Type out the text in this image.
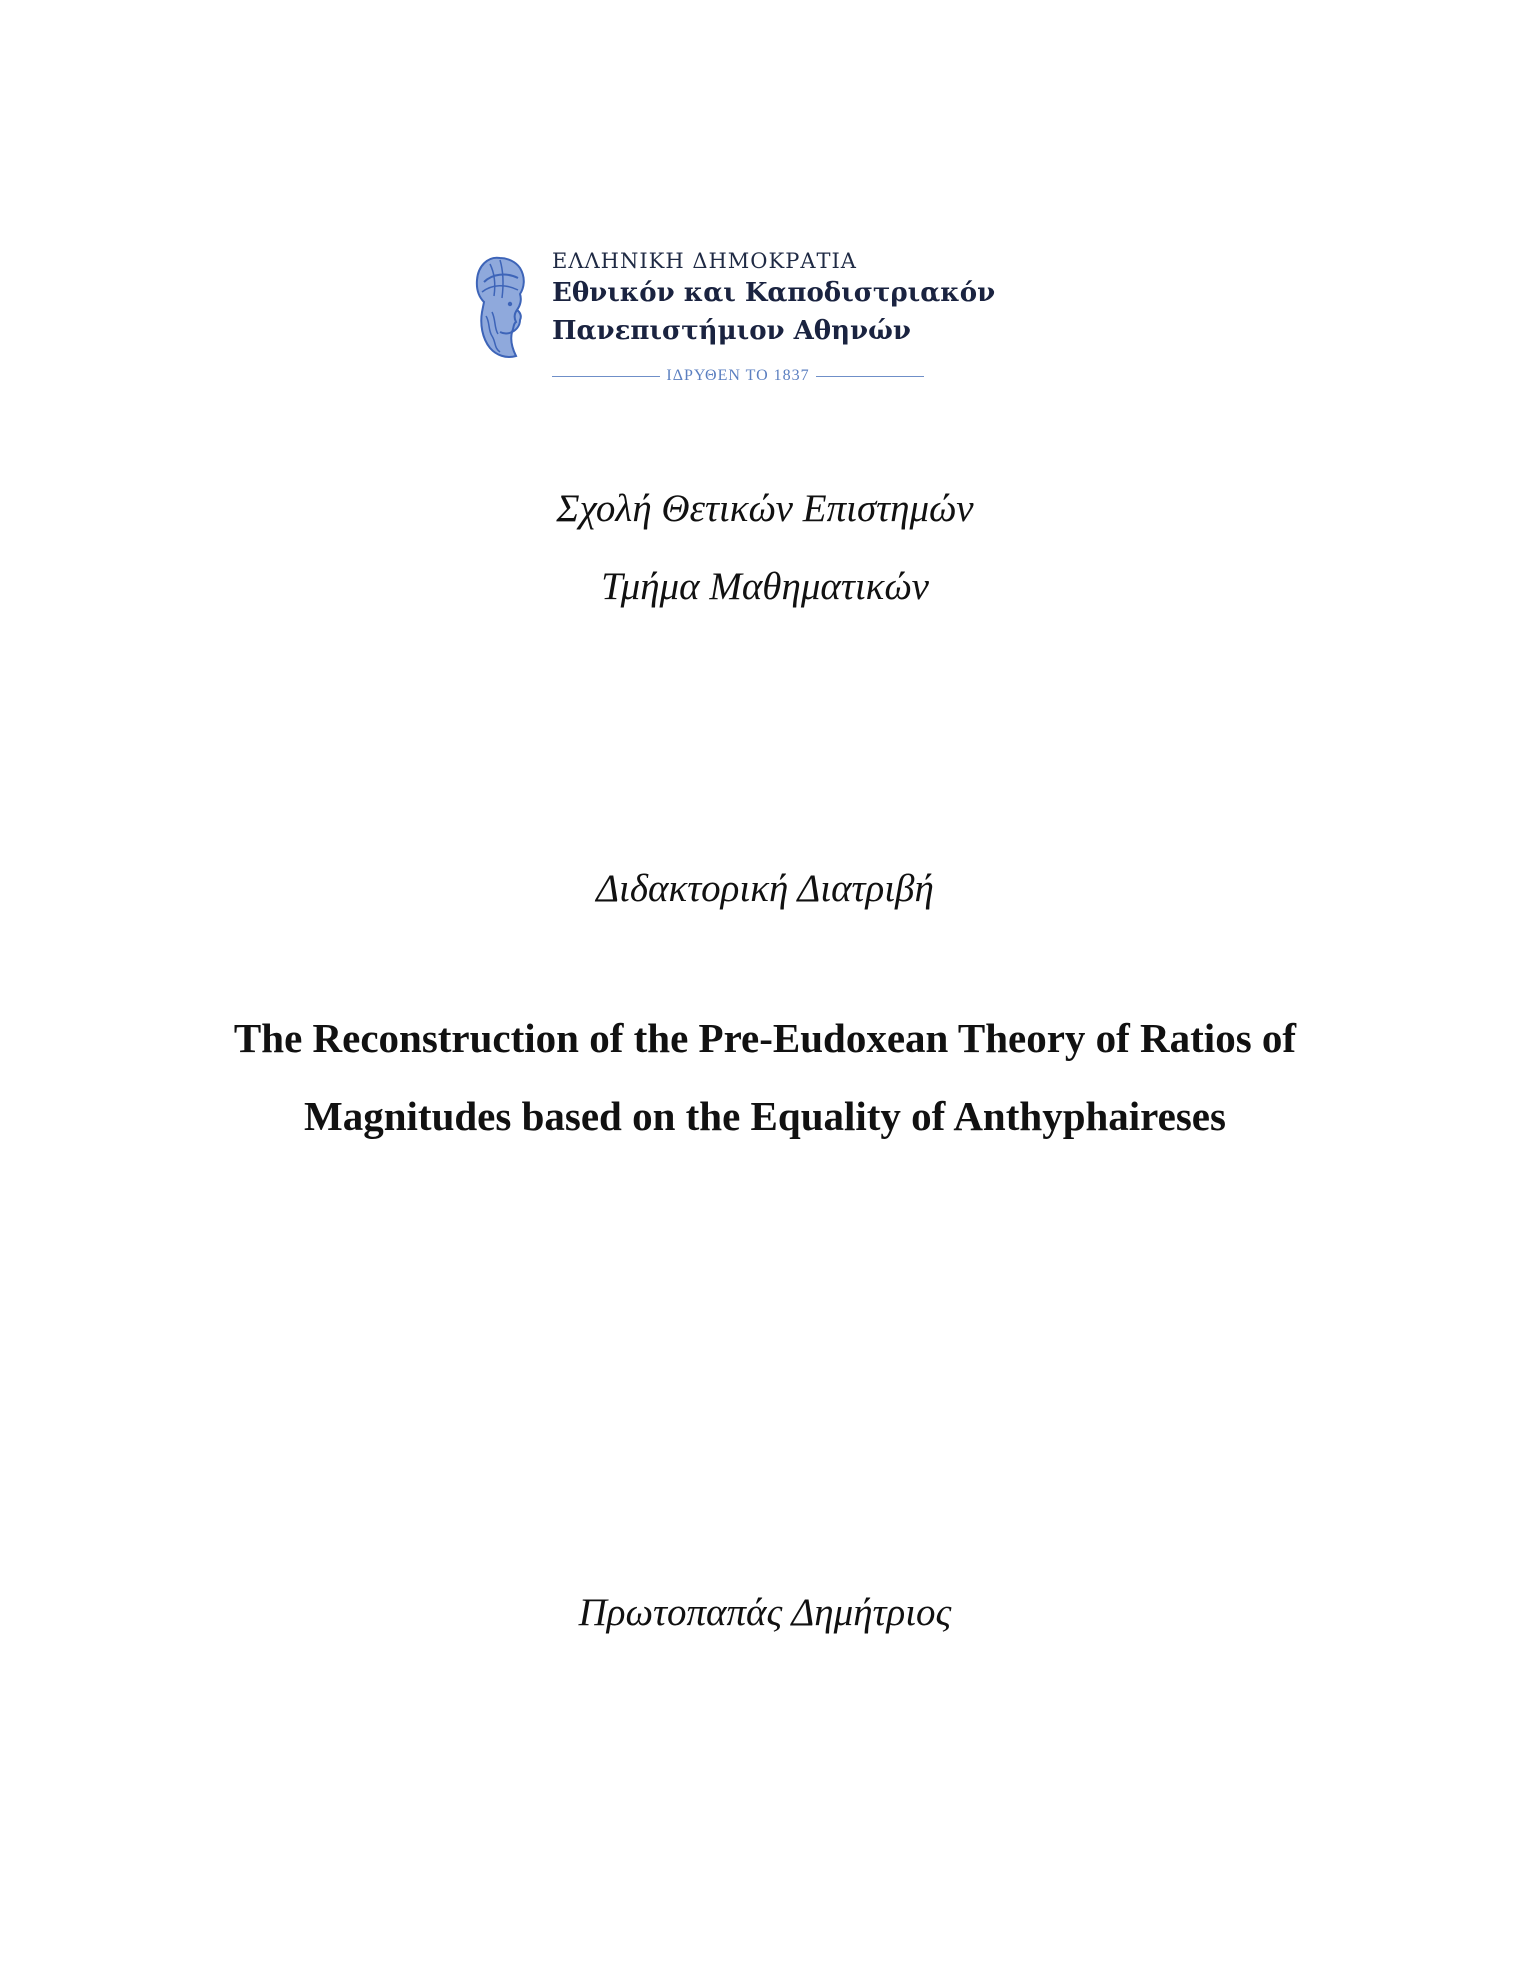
ΕΛΛΗΝΙΚΗ ΔΗΜΟΚΡΑΤΙΑ
Εθνικόν και Καποδιστριακόν
Πανεπιστήμιον Αθηνών
ΙΔΡΥΘΕΝ ΤΟ 1837
Σχολή Θετικών Επιστημών
Τμήμα Μαθηματικών
Διδακτορική Διατριβή
The Reconstruction of the Pre-Eudoxean Theory of Ratios of
Magnitudes based on the Equality of Anthyphaireses
Πρωτοπαπάς Δημήτριος
